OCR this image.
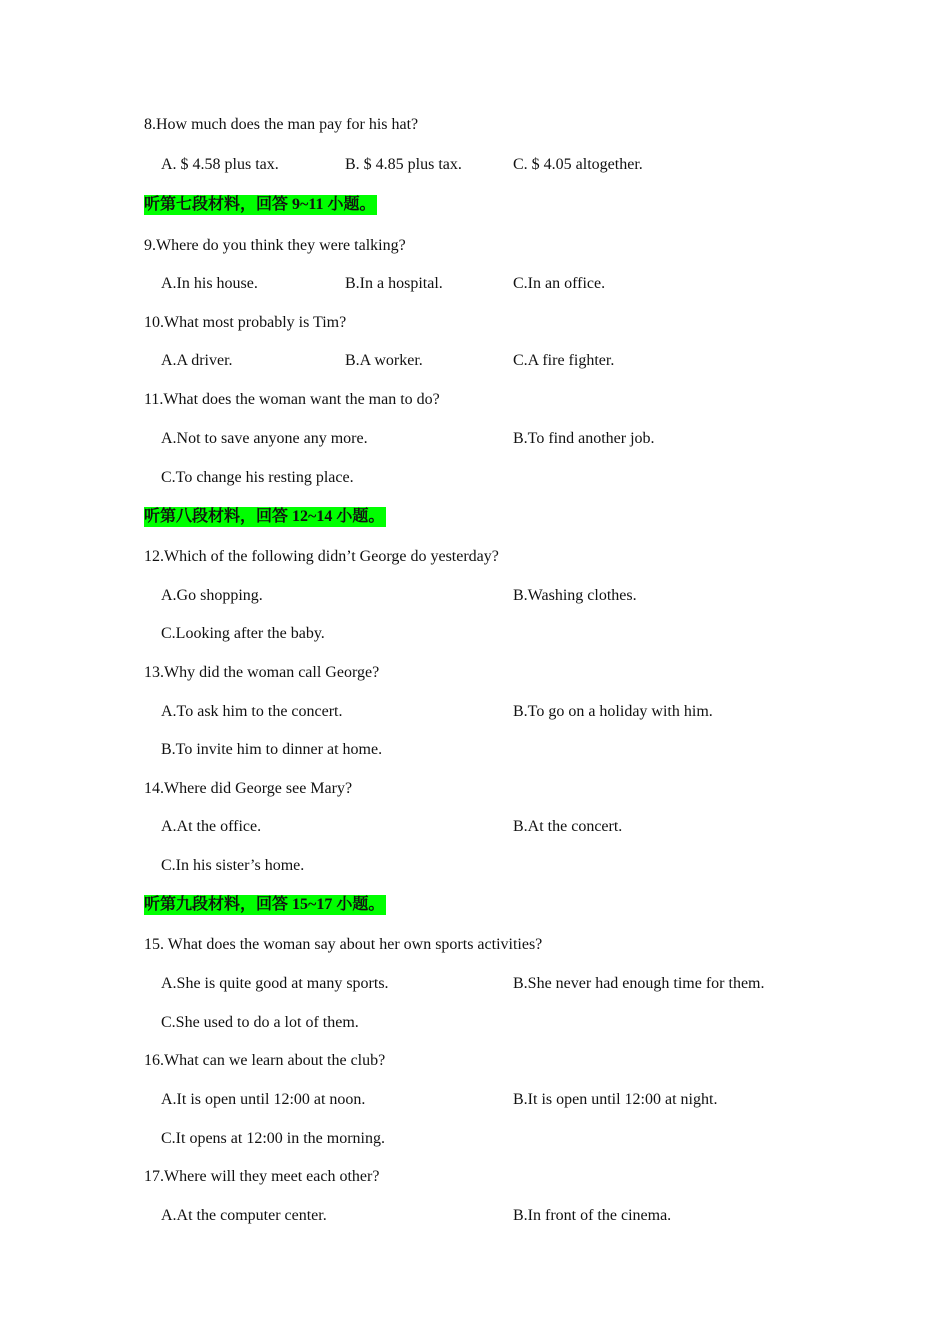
8.How much does the man pay for his hat?
A. $ 4.58 plus tax.	B. $ 4.85 plus tax.	C. $ 4.05 altogether.
听第七段材料，回答 9~11 小题。
9.Where do you think they were talking?
A.In his house.	B.In a hospital.	C.In an office.
10.What most probably is Tim?
A.A driver.	B.A worker.	C.A fire fighter.
11.What does the woman want the man to do?
A.Not to save anyone any more.	B.To find another job.
C.To change his resting place.
听第八段材料，回答 12~14 小题。
12.Which of the following didn’t George do yesterday?
A.Go shopping.	B.Washing clothes.
C.Looking after the baby.
13.Why did the woman call George?
A.To ask him to the concert.	B.To go on a holiday with him.
B.To invite him to dinner at home.
14.Where did George see Mary?
A.At the office.	B.At the concert.
C.In his sister’s home.
听第九段材料，回答 15~17 小题。
15. What does the woman say about her own sports activities?
A.She is quite good at many sports.	B.She never had enough time for them.
C.She used to do a lot of them.
16.What can we learn about the club?
A.It is open until 12:00 at noon.	B.It is open until 12:00 at night.
C.It opens at 12:00 in the morning.
17.Where will they meet each other?
A.At the computer center.	B.In front of the cinema.
